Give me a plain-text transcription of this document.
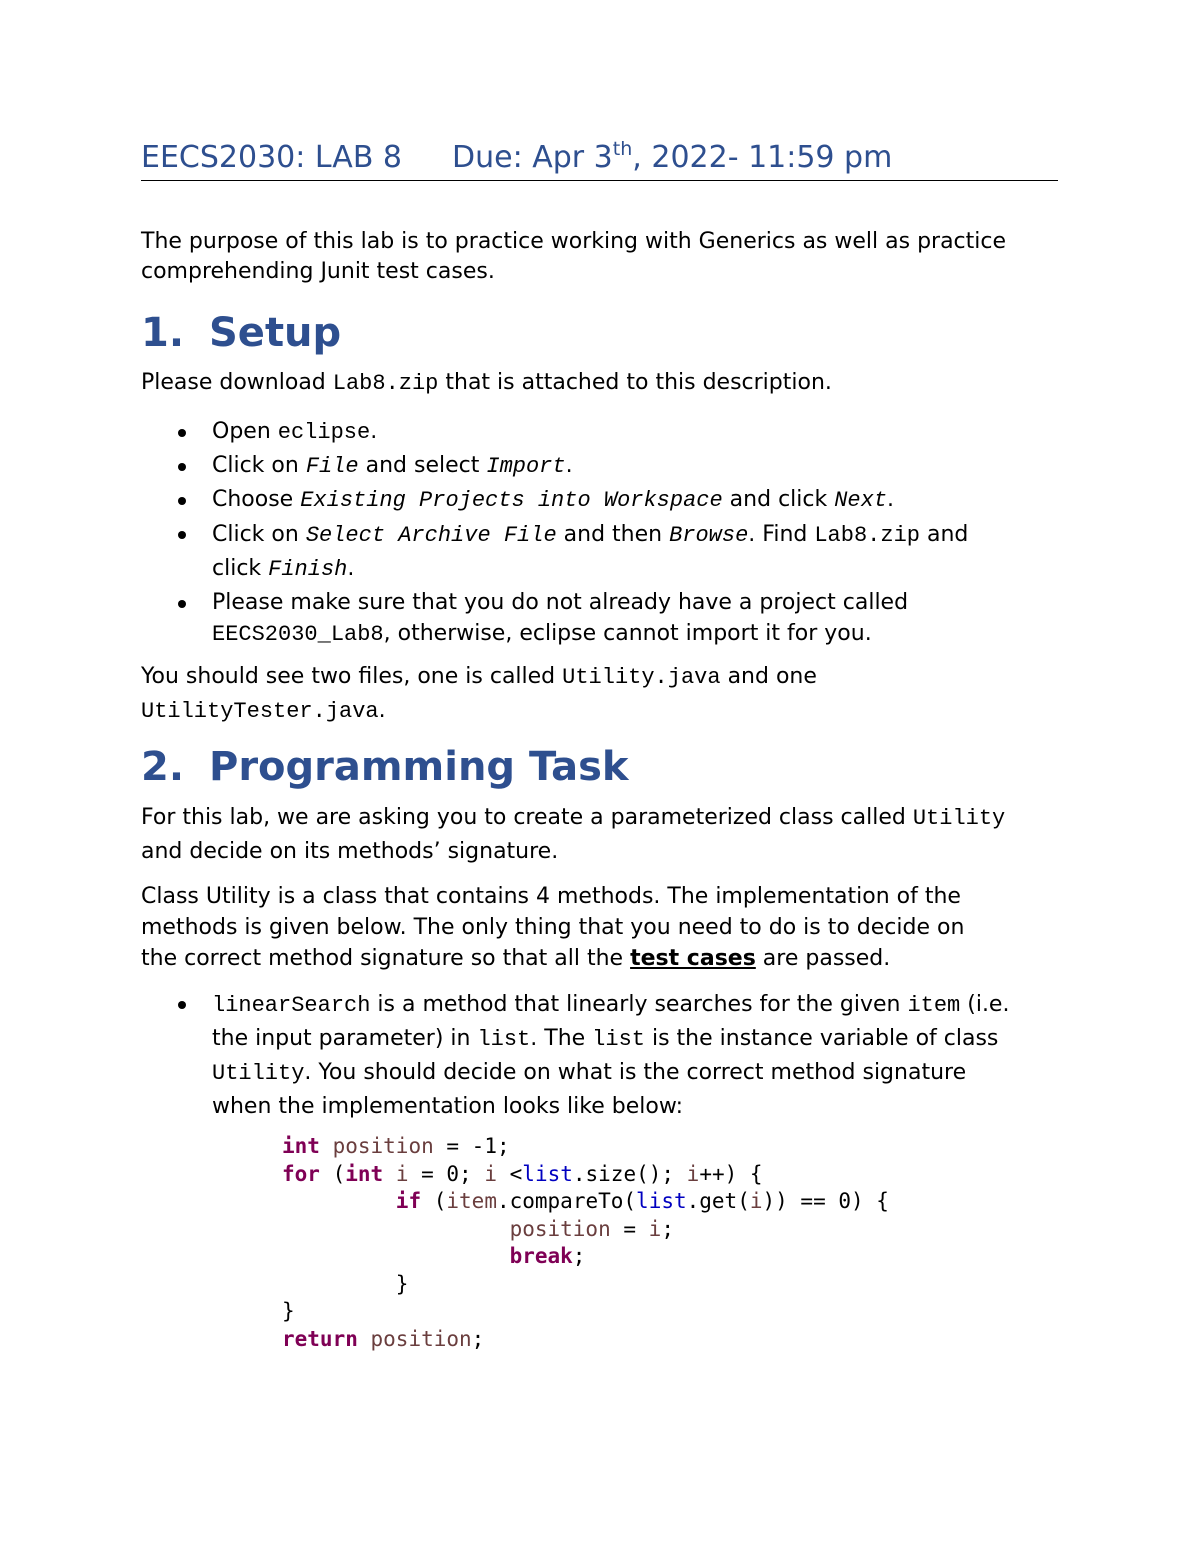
EECS2030: LAB 8 Due: Apr 3th, 2022- 11:59 pm
The purpose of this lab is to practice working with Generics as well as practice
comprehending Junit test cases.
1. Setup
Please download Lab8.zip that is attached to this description.
Open eclipse.
Click on File and select Import.
Choose Existing Projects into Workspace and click Next.
Click on Select Archive File and then Browse. Find Lab8.zip and
click Finish.
Please make sure that you do not already have a project called
EECS2030_Lab8, otherwise, eclipse cannot import it for you.
You should see two files, one is called Utility.java and one
UtilityTester.java.
2. Programming Task
For this lab, we are asking you to create a parameterized class called Utility
and decide on its methods’ signature.
Class Utility is a class that contains 4 methods. The implementation of the
methods is given below. The only thing that you need to do is to decide on
the correct method signature so that all the test cases are passed.
linearSearch is a method that linearly searches for the given item (i.e.
the input parameter) in list. The list is the instance variable of class
Utility. You should decide on what is the correct method signature
when the implementation looks like below:
int position = -1;
for (int i = 0; i <list.size(); i++) {
if (item.compareTo(list.get(i)) == 0) {
position = i;
break;
}
}
return position;
